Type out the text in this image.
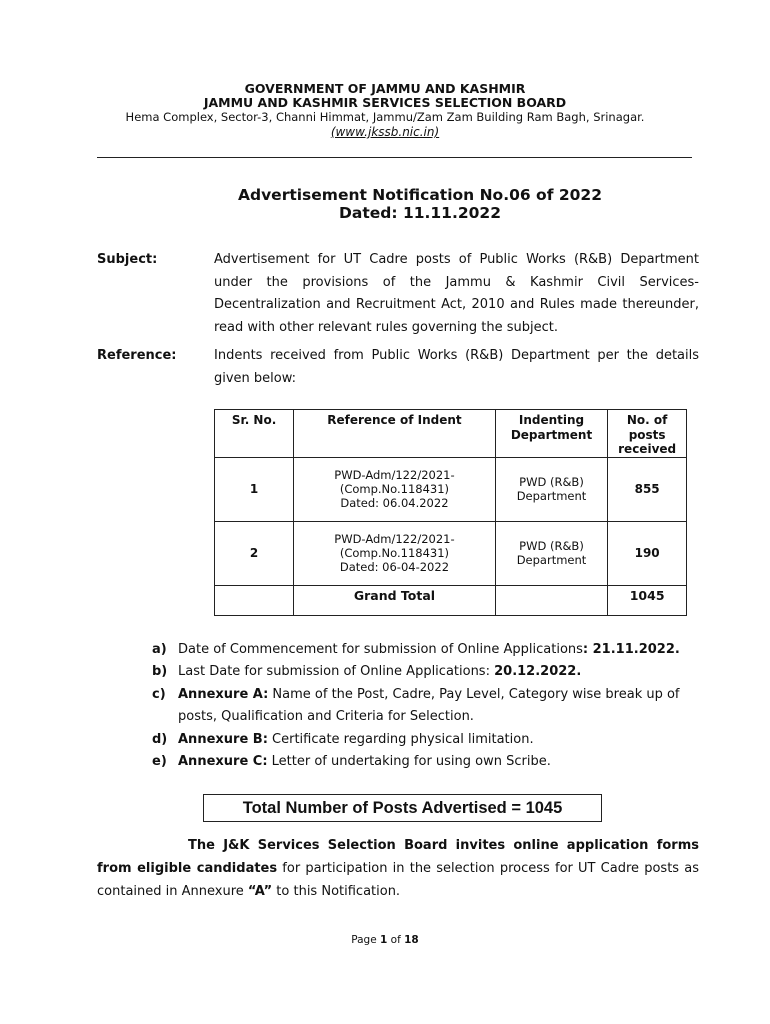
GOVERNMENT OF JAMMU AND KASHMIR
JAMMU AND KASHMIR SERVICES SELECTION BOARD
Hema Complex, Sector-3, Channi Himmat, Jammu/Zam Zam Building Ram Bagh, Srinagar.
(www.jkssb.nic.in)
Advertisement Notification No.06 of 2022
Dated: 11.11.2022
Subject:	Advertisement for UT Cadre posts of Public Works (R&B) Department under the provisions of the Jammu & Kashmir Civil Services-Decentralization and Recruitment Act, 2010 and Rules made thereunder, read with other relevant rules governing the subject.
Reference:	Indents received from Public Works (R&B) Department per the details given below:
Sr. No.	Reference of Indent	Indenting Department	No. of posts received
1	PWD-Adm/122/2021-
(Comp.No.118431)
Dated: 06.04.2022	PWD (R&B) Department	855
2	PWD-Adm/122/2021-
(Comp.No.118431)
Dated: 06-04-2022	PWD (R&B) Department	190
	Grand Total		1045
a) Date of Commencement for submission of Online Applications: 21.11.2022.
b) Last Date for submission of Online Applications: 20.12.2022.
c) Annexure A: Name of the Post, Cadre, Pay Level, Category wise break up of
posts, Qualification and Criteria for Selection.
d) Annexure B: Certificate regarding physical limitation.
e) Annexure C: Letter of undertaking for using own Scribe.
Total Number of Posts Advertised = 1045
The J&K Services Selection Board invites online application forms from eligible candidates for participation in the selection process for UT Cadre posts as contained in Annexure “A” to this Notification.
Page 1 of 18
